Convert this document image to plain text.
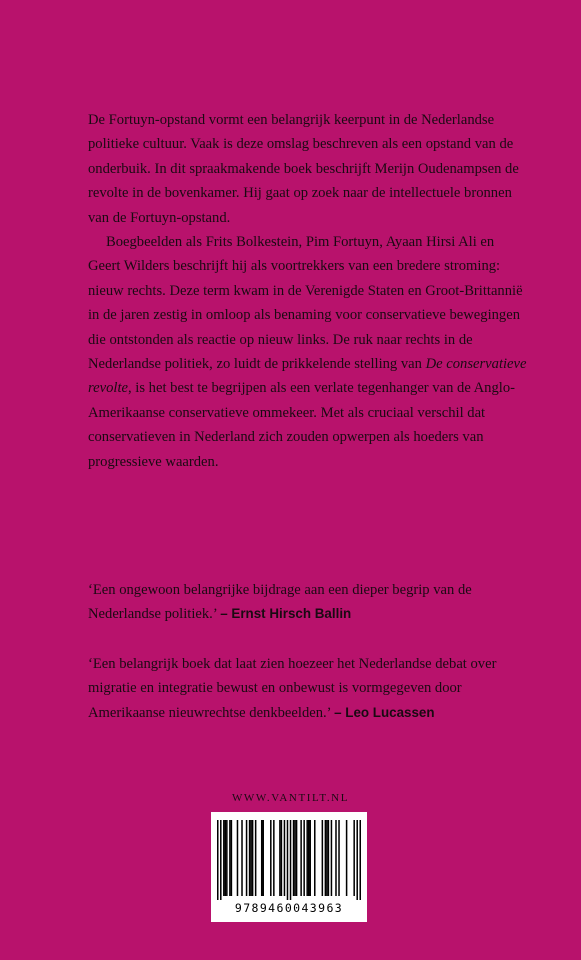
De Fortuyn-opstand vormt een belangrijk keerpunt in de Nederlandse politieke cultuur. Vaak is deze omslag beschreven als een opstand van de onderbuik. In dit spraakmakende boek beschrijft Merijn Oudenampsen de revolte in de bovenkamer. Hij gaat op zoek naar de intellectuele bronnen van de Fortuyn-opstand.

Boegbeelden als Frits Bolkestein, Pim Fortuyn, Ayaan Hirsi Ali en Geert Wilders beschrijft hij als voortrekkers van een bredere stroming: nieuw rechts. Deze term kwam in de Verenigde Staten en Groot-Brittannië in de jaren zestig in omloop als benaming voor conservatieve bewegingen die ontstonden als reactie op nieuw links. De ruk naar rechts in de Nederlandse politiek, zo luidt de prikkelende stelling van De conservatieve revolte, is het best te begrijpen als een verlate tegenhanger van de Anglo-Amerikaanse conservatieve ommekeer. Met als cruciaal verschil dat conservatieven in Nederland zich zouden opwerpen als hoeders van progressieve waarden.

‘Een ongewoon belangrijke bijdrage aan een dieper begrip van de Nederlandse politiek.’ – Ernst Hirsch Ballin
‘Een belangrijk boek dat laat zien hoezeer het Nederlandse debat over migratie en integratie bewust en onbewust is vormgegeven door Amerikaanse nieuwrechtse denkbeelden.’ – Leo Lucassen
WWW.VANTILT.NL
9789460043963
